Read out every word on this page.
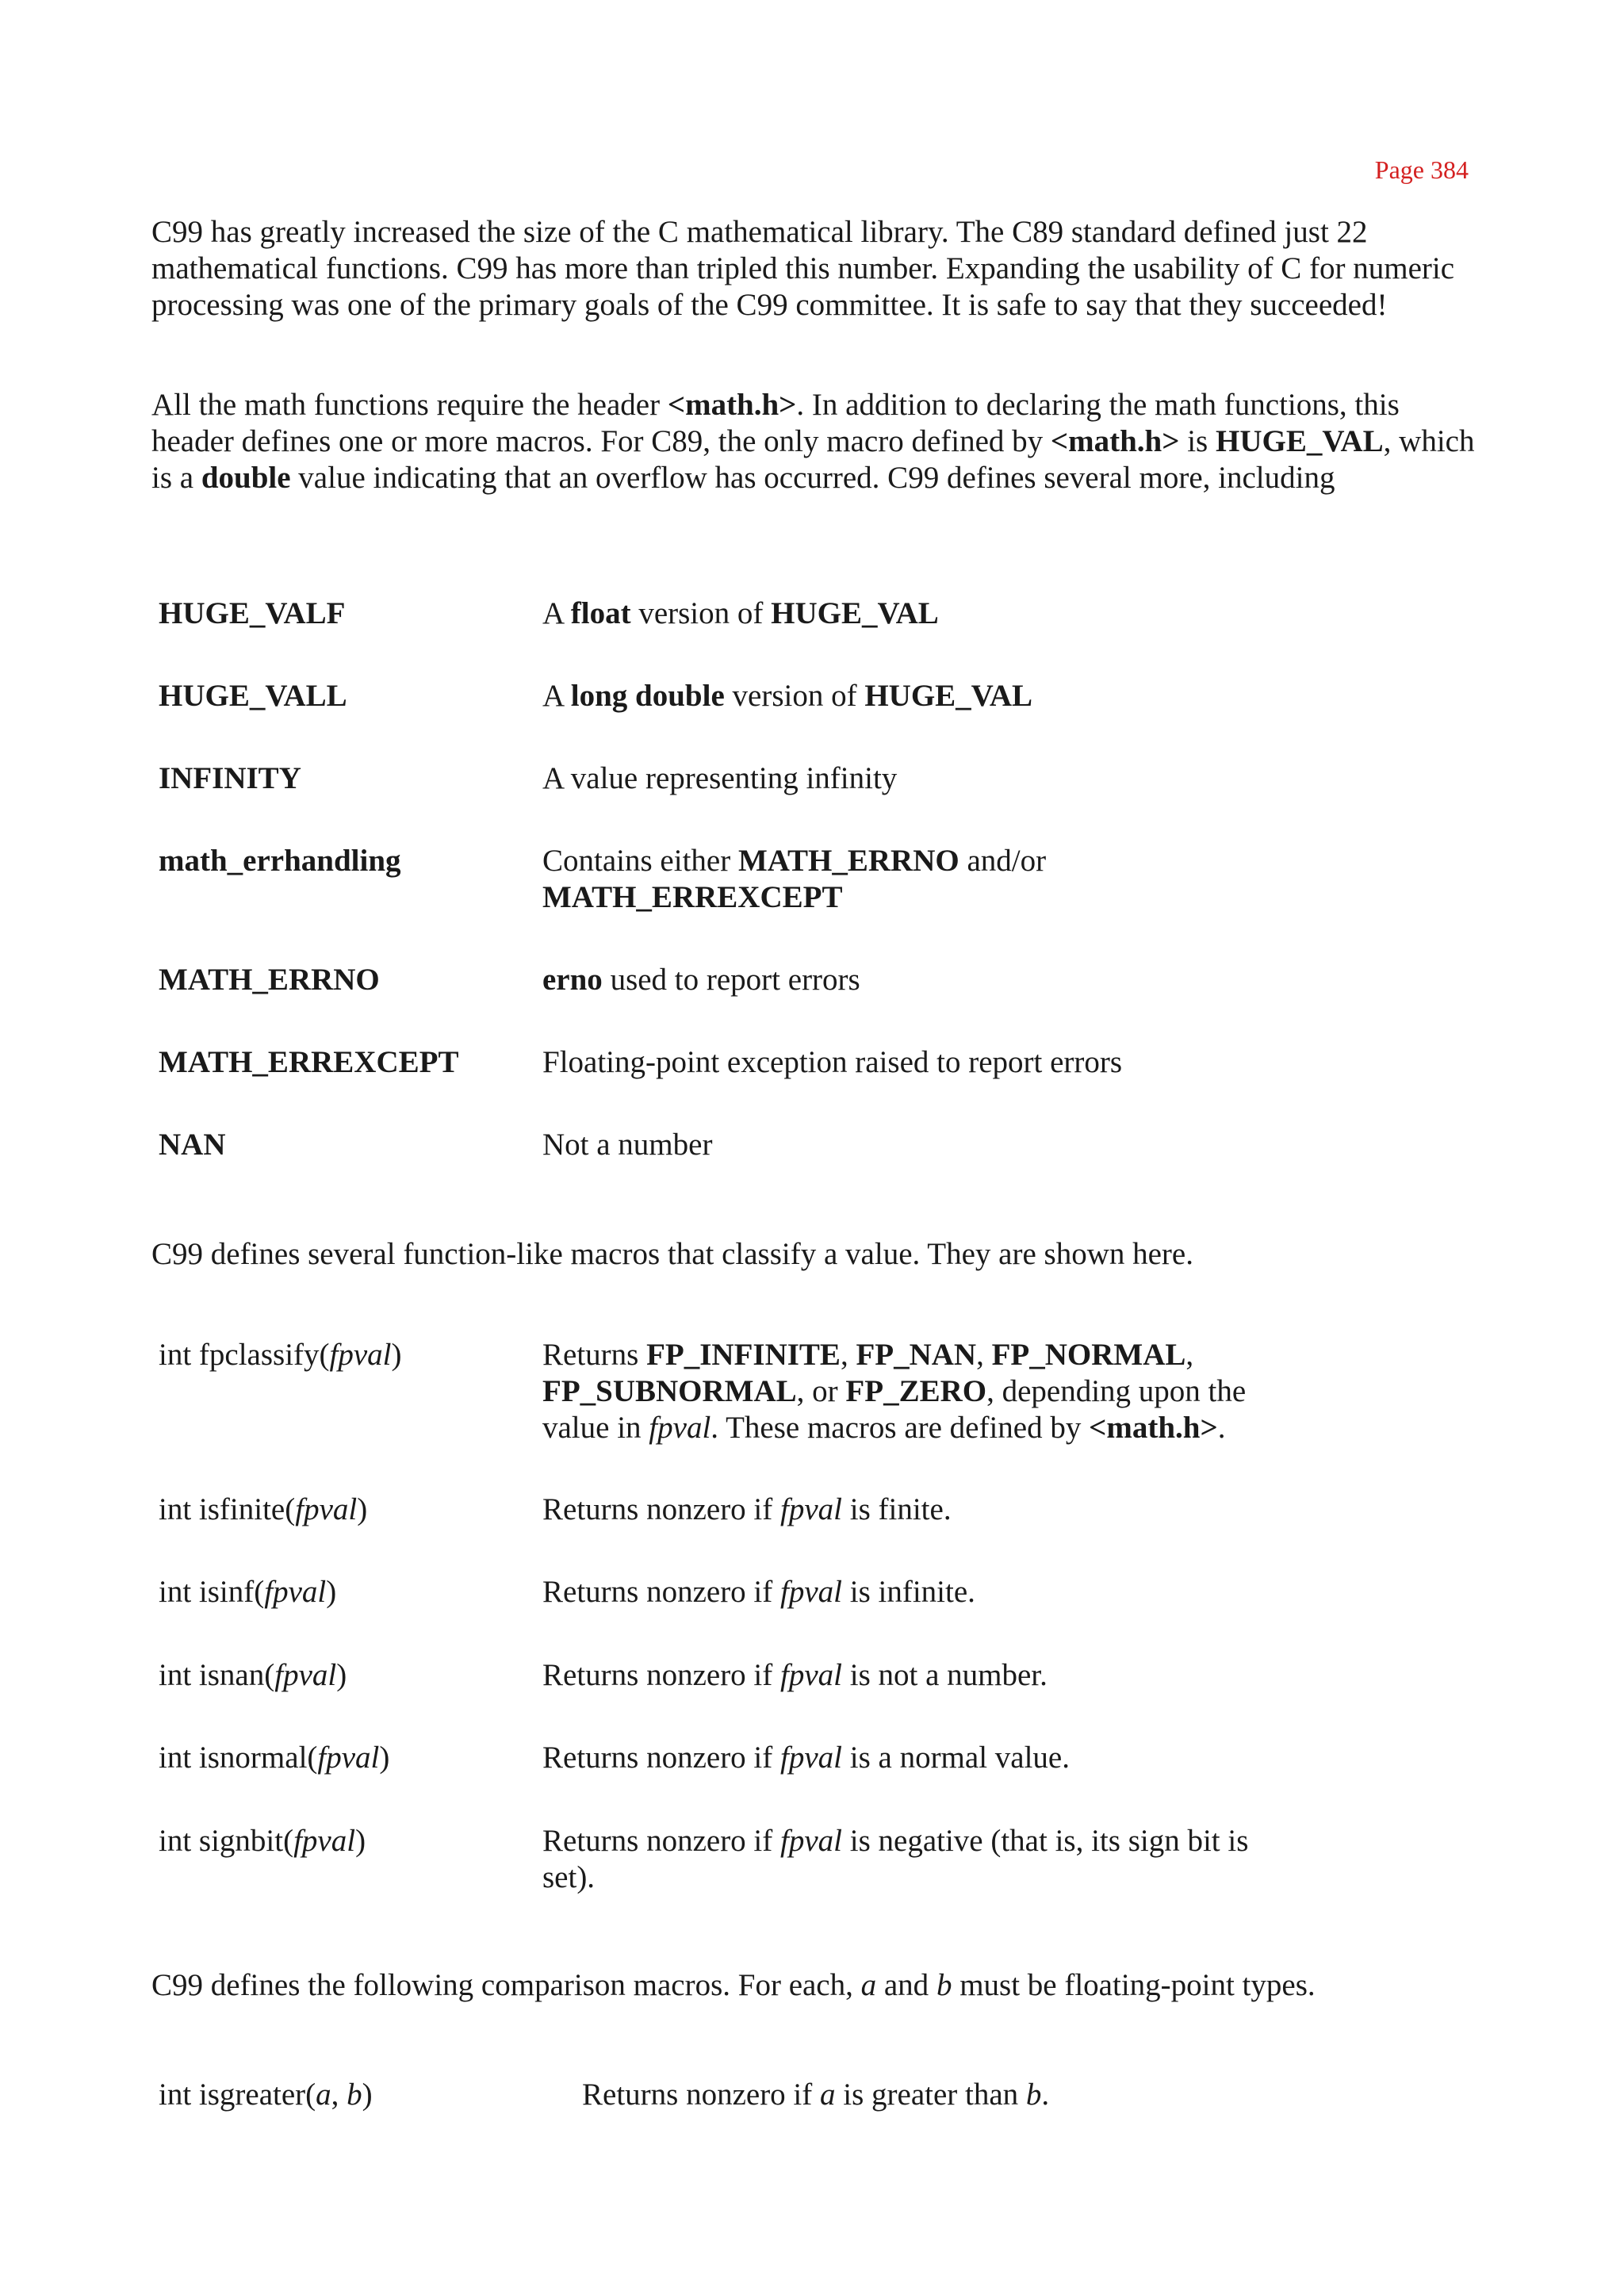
Page 384
C99 has greatly increased the size of the C mathematical library. The C89 standard defined just 22 mathematical functions. C99 has more than tripled this number. Expanding the usability of C for numeric processing was one of the primary goals of the C99 committee. It is safe to say that they succeeded!
All the math functions require the header <math.h>. In addition to declaring the math functions, this header defines one or more macros. For C89, the only macro defined by <math.h> is HUGE_VAL, which is a double value indicating that an overflow has occurred. C99 defines several more, including
HUGE_VALF	A float version of HUGE_VAL
HUGE_VALL	A long double version of HUGE_VAL
INFINITY	A value representing infinity
math_errhandling	Contains either MATH_ERRNO and/or
MATH_ERREXCEPT
MATH_ERRNO	erno used to report errors
MATH_ERREXCEPT	Floating-point exception raised to report errors
NAN	Not a number
C99 defines several function-like macros that classify a value. They are shown here.
int fpclassify(fpval)	Returns FP_INFINITE, FP_NAN, FP_NORMAL,
FP_SUBNORMAL, or FP_ZERO, depending upon the
value in fpval. These macros are defined by <math.h>.
int isfinite(fpval)	Returns nonzero if fpval is finite.
int isinf(fpval)	Returns nonzero if fpval is infinite.
int isnan(fpval)	Returns nonzero if fpval is not a number.
int isnormal(fpval)	Returns nonzero if fpval is a normal value.
int signbit(fpval)	Returns nonzero if fpval is negative (that is, its sign bit is
set).
C99 defines the following comparison macros. For each, a and b must be floating-point types.
int isgreater(a, b)	Returns nonzero if a is greater than b.
